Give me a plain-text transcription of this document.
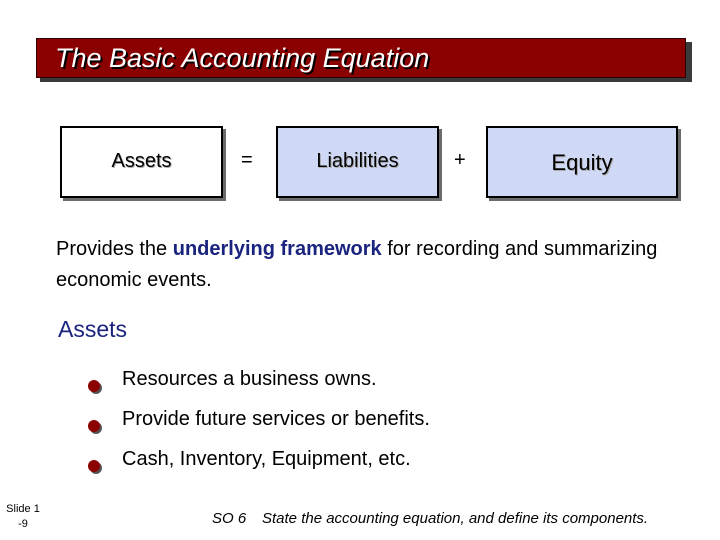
The Basic Accounting Equation
Assets	=	Liabilities	+	Equity
Provides the underlying framework for recording and summarizing economic events.
Assets
Resources a business owns.
Provide future services or benefits.
Cash, Inventory, Equipment, etc.
Slide 1
-9	SO 6 State the accounting equation, and define its components.
